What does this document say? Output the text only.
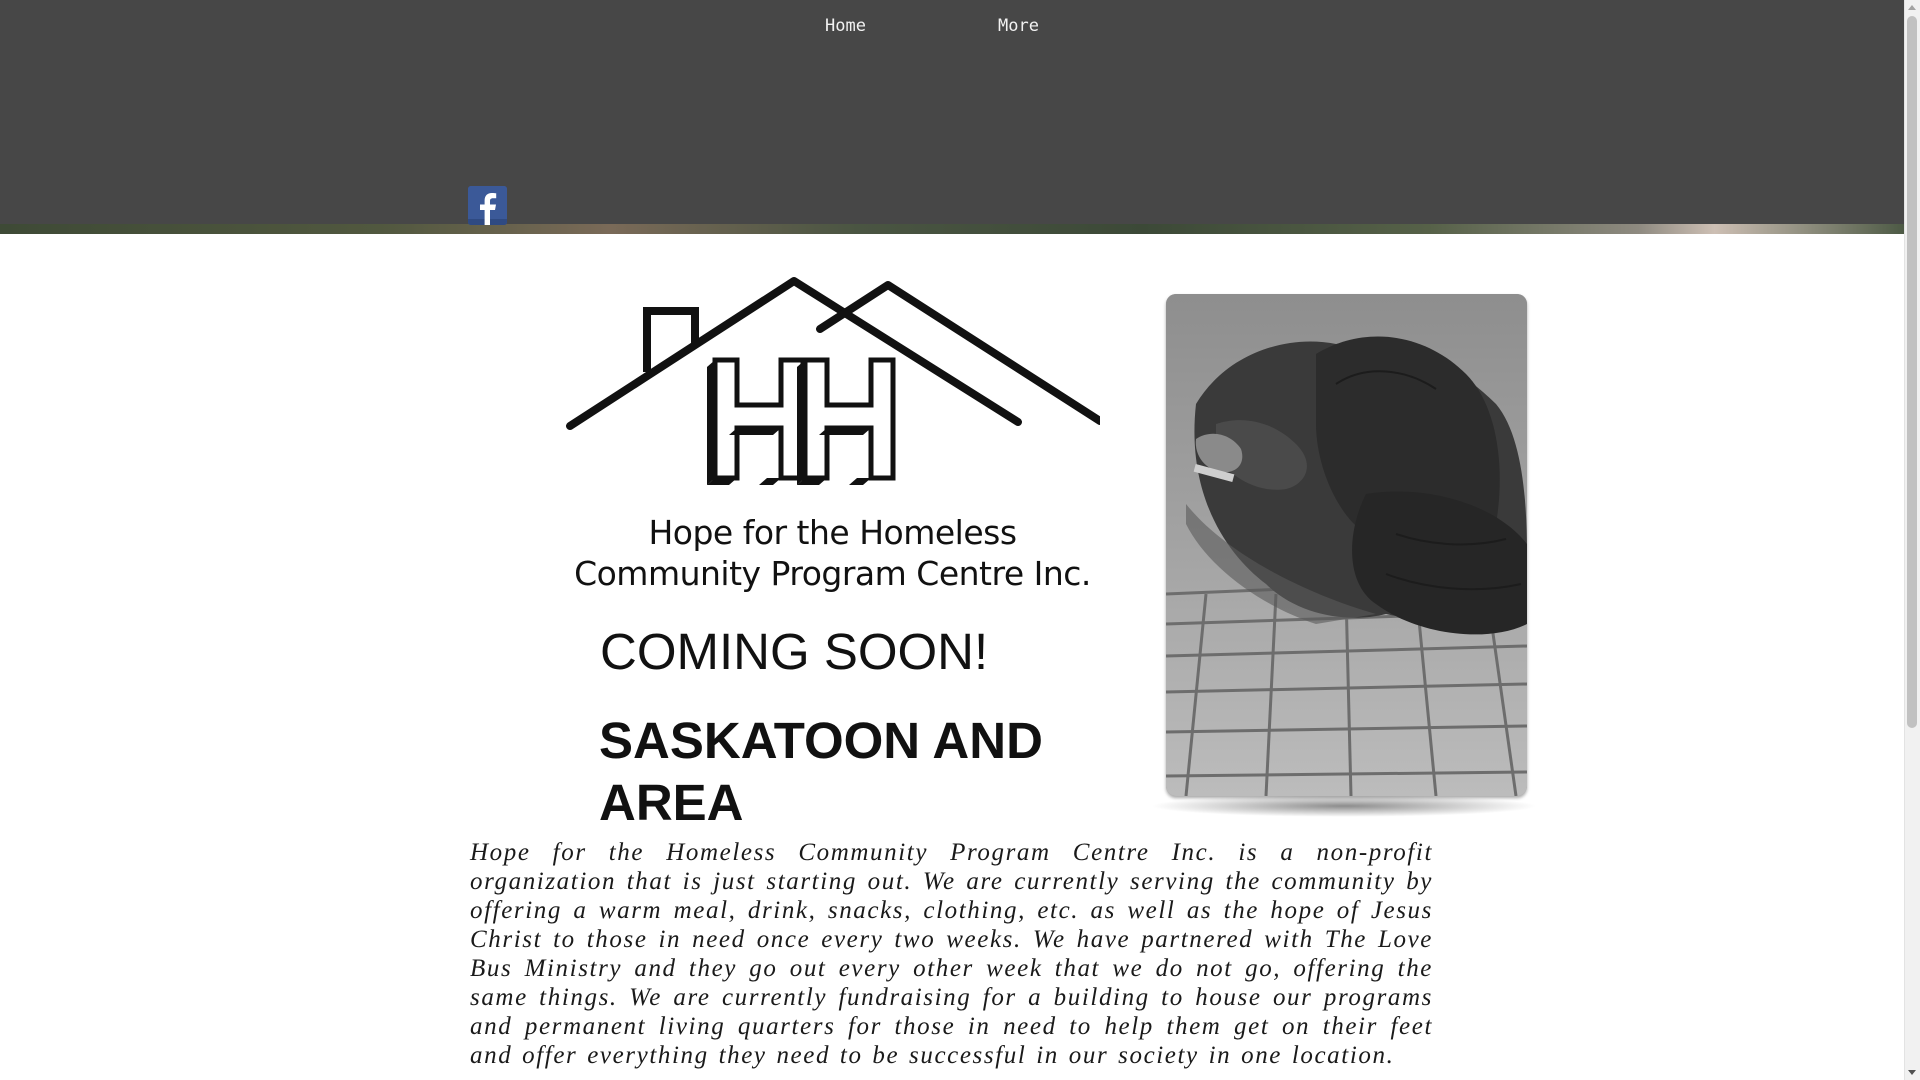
Home	More
Hope for the Homeless
Community Program Centre Inc.
COMING SOON!
SASKATOON AND AREA
Hope for the Homeless Community Program Centre Inc. is a non-profit organization that is just starting out. We are currently serving the community by offering a warm meal, drink, snacks, clothing, etc. as well as the hope of Jesus Christ to those in need once every two weeks. We have partnered with The Love Bus Ministry and they go out every other week that we do not go, offering the same things. We are currently fundraising for a building to house our programs and permanent living quarters for those in need to help them get on their feet and offer everything they need to be successful in our society in one location.
